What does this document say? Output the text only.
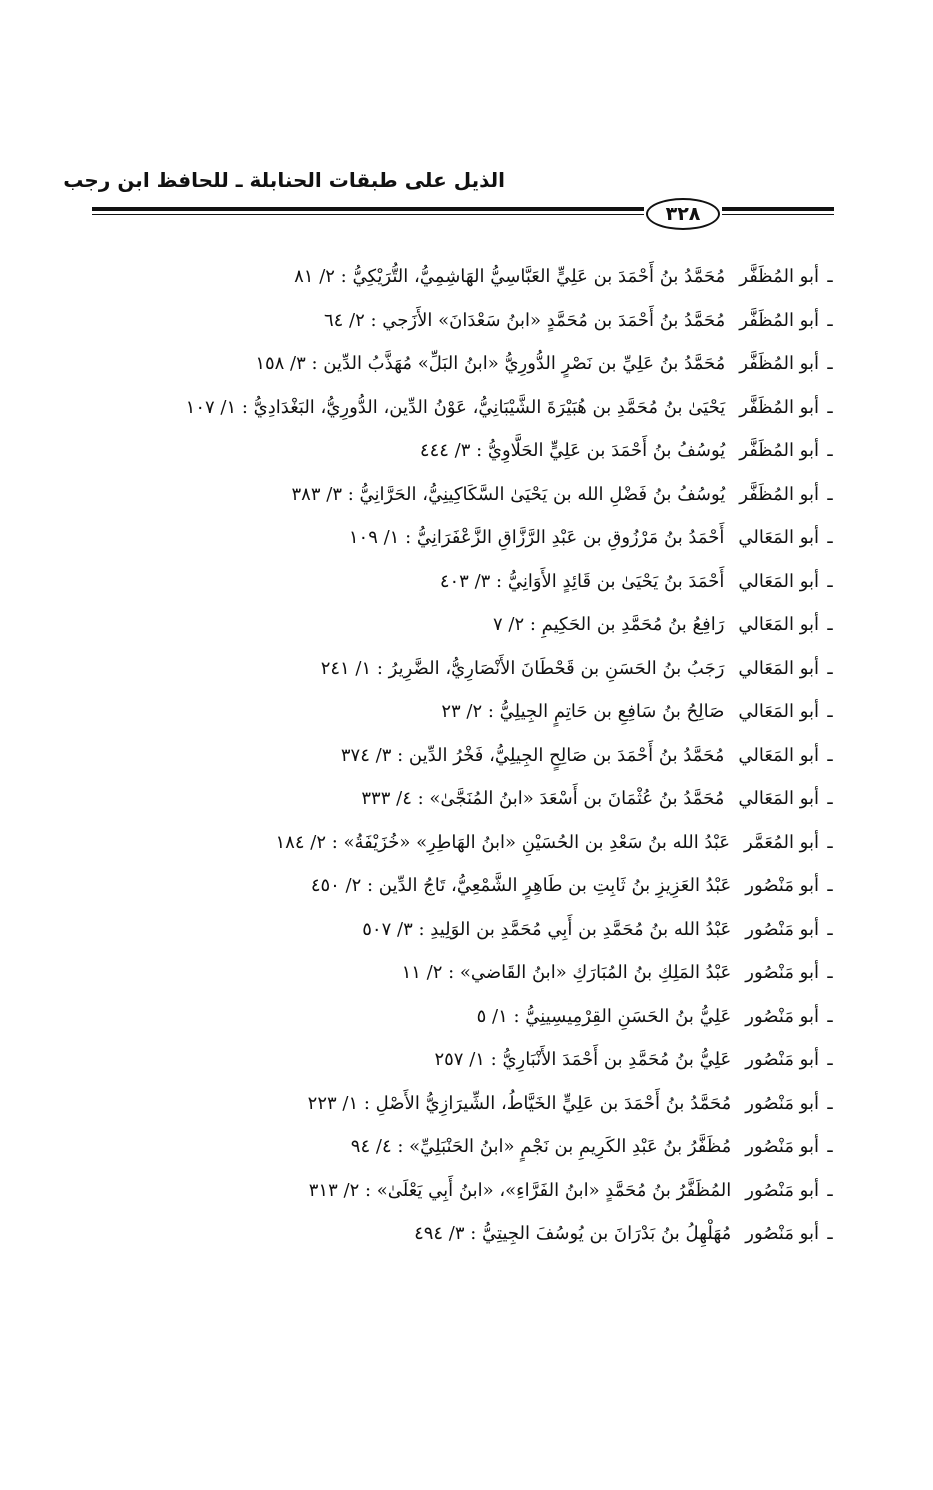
الذيل على طبقات الحنابلة ـ للحافظ ابن رجب
٣٢٨
ـ
أبو المُظَفَّر
مُحَمَّدُ بنُ أَحْمَدَ بن عَلِيٍّ العَبَّاسِيُّ الهَاشِمِيُّ، التُّرَيْكِيُّ : ٢/ ٨١
ـ
أبو المُظَفَّر
مُحَمَّدُ بنُ أَحْمَدَ بن مُحَمَّدٍ «ابنُ سَعْدَانَ» الأَزَجي : ٢/ ٦٤
ـ
أبو المُظَفَّر
مُحَمَّدُ بنُ عَلِيِّ بن نَصْرٍ الدُّورِيُّ «ابنُ البَلِّ» مُهَذَّبُ الدِّين : ٣/ ١٥٨
ـ
أبو المُظَفَّر
يَحْيَىٰ بنُ مُحَمَّدِ بن هُبَيْرَةَ الشَّيْبَانِيُّ، عَوْنُ الدِّين، الدُّورِيُّ، البَغْدَادِيُّ : ١/ ١٠٧
ـ
أبو المُظَفَّر
يُوسُفُ بنُ أَحْمَدَ بن عَلِيٍّ الحَلَّاوِيُّ : ٣/ ٤٤٤
ـ
أبو المُظَفَّر
يُوسُفُ بنُ فَضْلِ الله بن يَحْيَىٰ السَّكَاكِينِيُّ، الحَرَّانِيُّ : ٣/ ٣٨٣
ـ
أبو المَعَالي
أَحْمَدُ بنُ مَرْزُوقِ بن عَبْدِ الرَّزَّاقِ الزَّعْفَرَانِيُّ : ١/ ١٠٩
ـ
أبو المَعَالي
أَحْمَدَ بنُ يَحْيَىٰ بن قَائِدٍ الأَوَانِيُّ : ٣/ ٤٠٣
ـ
أبو المَعَالي
رَافِعُ بنُ مُحَمَّدِ بن الحَكِيمِ : ٢/ ٧
ـ
أبو المَعَالي
رَجَبُ بنُ الحَسَنِ بن قَحْطَانَ الأَنْصَارِيُّ، الضَّرِيرُ : ١/ ٢٤١
ـ
أبو المَعَالي
صَالِحُ بنُ سَافِعِ بن حَاتِمٍ الجِيلِيُّ : ٢/ ٢٣
ـ
أبو المَعَالي
مُحَمَّدُ بنُ أَحْمَدَ بن صَالِحٍ الجِيلِيُّ، فَخْرُ الدِّين : ٣/ ٣٧٤
ـ
أبو المَعَالي
مُحَمَّدُ بنُ عُثْمَانَ بن أَسْعَدَ «ابنُ المُنَجَّىٰ» : ٤/ ٣٣٣
ـ
أبو المُعَمَّر
عَبْدُ الله بنُ سَعْدِ بن الحُسَيْنِ «ابنُ الهَاطِرِ» «خُزَيْفَةُ» : ٢/ ١٨٤
ـ
أبو مَنْصُور
عَبْدُ العَزِيزِ بنُ ثَابِتِ بن طَاهِرٍ الشَّمْعِيُّ، تَاجُ الدِّين : ٢/ ٤٥٠
ـ
أبو مَنْصُور
عَبْدُ الله بنُ مُحَمَّدِ بن أَبِي مُحَمَّدِ بن الوَلِيدِ : ٣/ ٥٠٧
ـ
أبو مَنْصُور
عَبْدُ المَلِكِ بنُ المُبَارَكِ «ابنُ القَاضي» : ٢/ ١١
ـ
أبو مَنْصُور
عَلِيُّ بنُ الحَسَنِ القِرْمِيسِينِيُّ : ١/ ٥
ـ
أبو مَنْصُور
عَلِيُّ بنُ مُحَمَّدِ بن أَحْمَدَ الأَنْبَارِيُّ : ١/ ٢٥٧
ـ
أبو مَنْصُور
مُحَمَّدُ بنُ أَحْمَدَ بن عَلِيٍّ الخَيَّاطُ، الشِّيرَازِيُّ الأَصْلِ : ١/ ٢٢٣
ـ
أبو مَنْصُور
مُظَفَّرُ بنُ عَبْدِ الكَرِيمِ بن نَجْمٍ «ابنُ الحَنْبَلِيِّ» : ٤/ ٩٤
ـ
أبو مَنْصُور
المُظَفَّرُ بنُ مُحَمَّدٍ «ابنُ الفَرَّاءِ»، «ابنُ أَبِي يَعْلَىٰ» : ٢/ ٣١٣
ـ
أبو مَنْصُور
مُهَلْهِلُ بنُ بَدْرَانَ بن يُوسُفَ الجِيتِيُّ : ٣/ ٤٩٤
